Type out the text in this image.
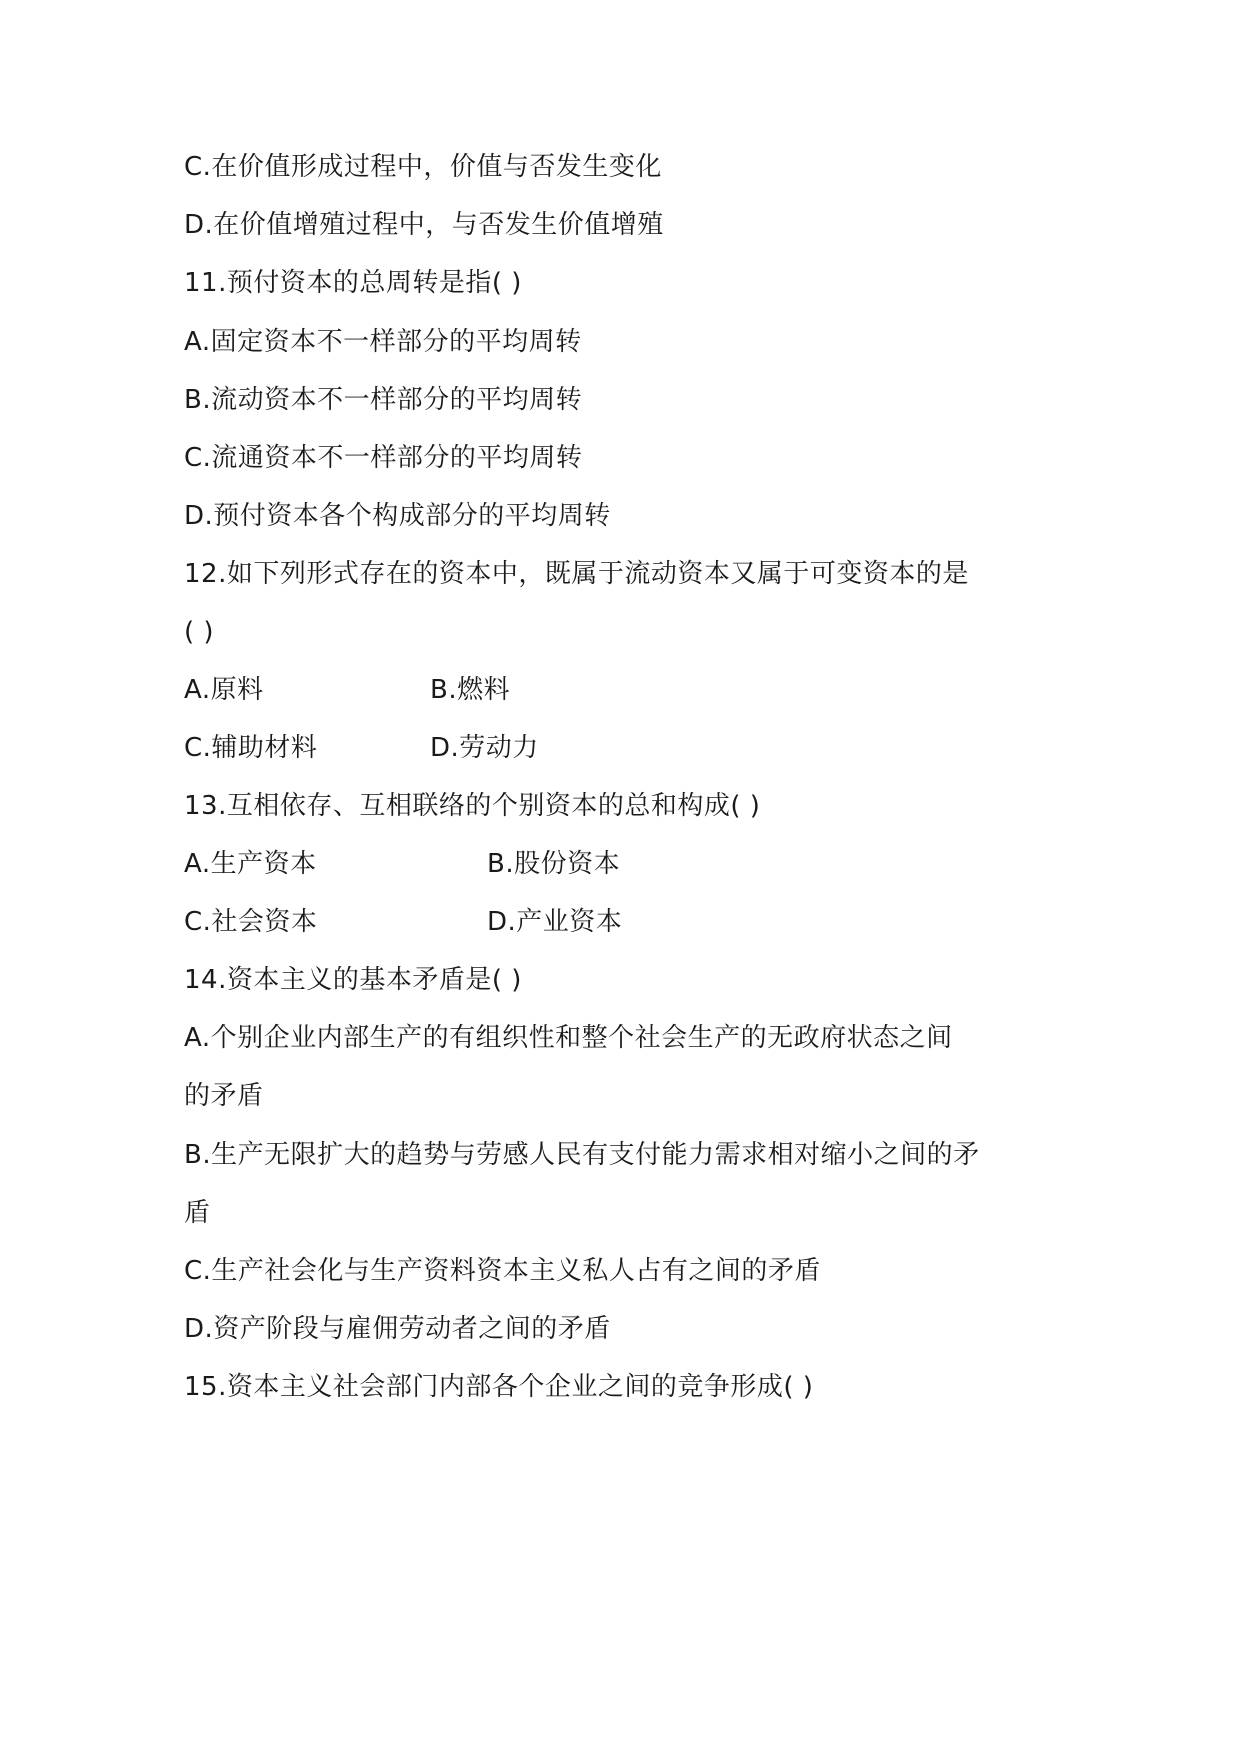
C.在价值形成过程中，价值与否发生变化
D.在价值增殖过程中，与否发生价值增殖
11.预付资本的总周转是指( )
A.固定资本不一样部分的平均周转
B.流动资本不一样部分的平均周转
C.流通资本不一样部分的平均周转
D.预付资本各个构成部分的平均周转
12.如下列形式存在的资本中，既属于流动资本又属于可变资本的是
( )
A.原料	B.燃料
C.辅助材料	D.劳动力
13.互相依存、互相联络的个别资本的总和构成( )
A.生产资本	B.股份资本
C.社会资本	D.产业资本
14.资本主义的基本矛盾是( )
A.个别企业内部生产的有组织性和整个社会生产的无政府状态之间
的矛盾
B.生产无限扩大的趋势与劳感人民有支付能力需求相对缩小之间的矛
盾
C.生产社会化与生产资料资本主义私人占有之间的矛盾
D.资产阶段与雇佣劳动者之间的矛盾
15.资本主义社会部门内部各个企业之间的竞争形成( )
